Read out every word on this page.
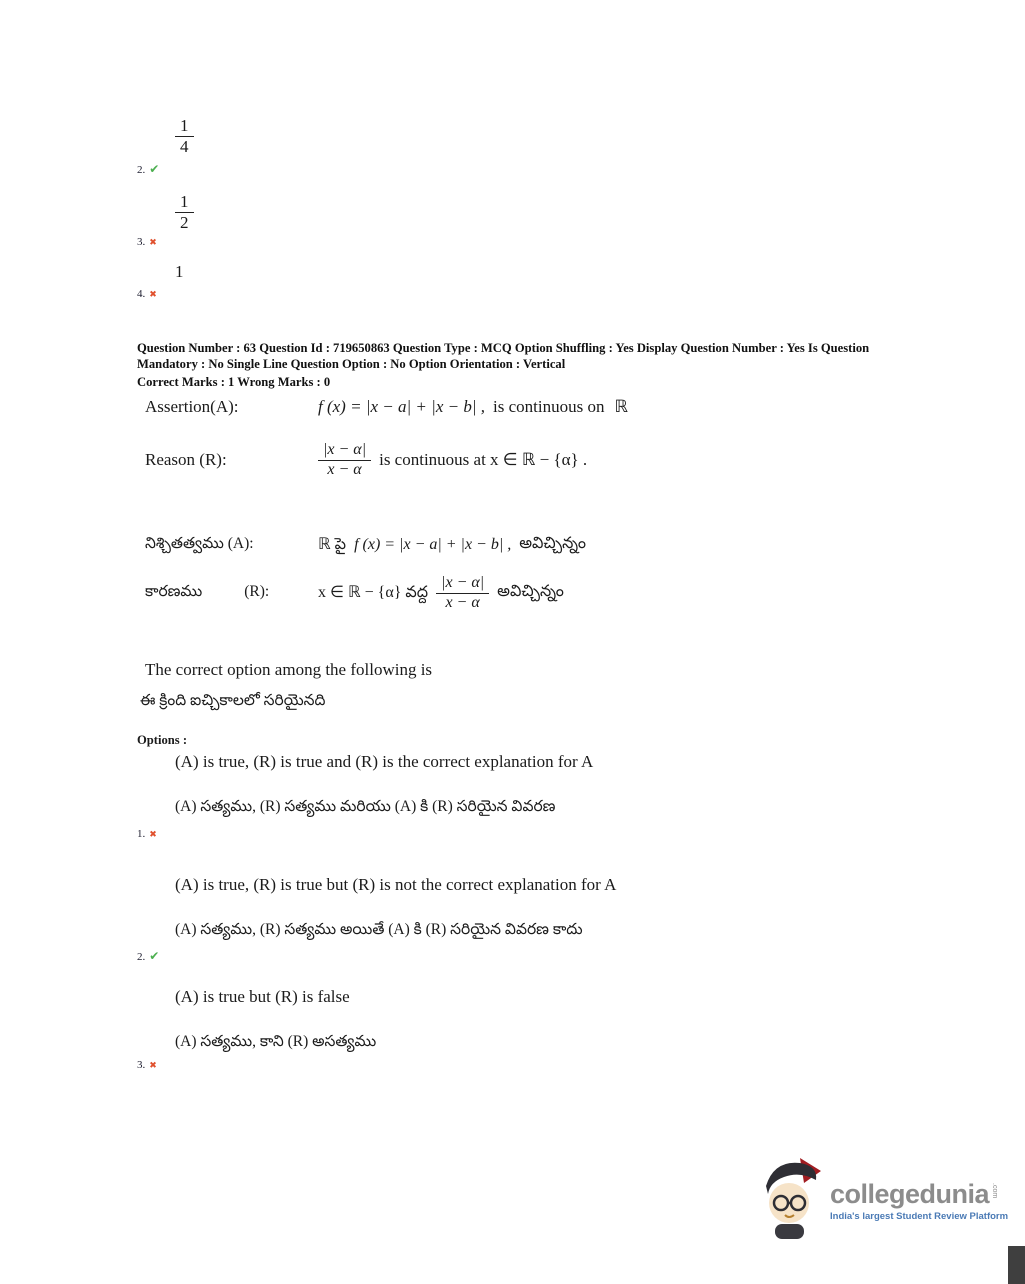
$\frac{1}{4}$
2. ✔
$\frac{1}{2}$
3. ✖
1
4. ✖
Question Number : 63 Question Id : 719650863 Question Type : MCQ Option Shuffling : Yes Display Question Number : Yes Is Question Mandatory : No Single Line Question Option : No Option Orientation : Vertical
Correct Marks : 1 Wrong Marks : 0
Assertion(A):	f (x) = |x − a| + |x − b| , is continuous on ℝ
Reason (R):	$\frac{|x - \alpha|}{x - \alpha}$ is continuous at x ∈ ℝ − {α} .
నిశ్చితత్వము (A):	ℝ పై f (x) = |x − a| + |x − b| , అవిచ్చిన్నం
కారణము	(R):	x ∈ ℝ − {α} వద్ద $\frac{|x - \alpha|}{x - \alpha}$ అవిచ్చిన్నం
The correct option among the following is
ఈ క్రింది ఐచ్చికాలలో సరియైనది
Options :
(A) is true, (R) is true and (R) is the correct explanation for A
(A) సత్యము, (R) సత్యము మరియు (A) కి (R) సరియైన వివరణ
1. ✖
(A) is true, (R) is true but (R) is not the correct explanation for A
(A) సత్యము, (R) సత్యము అయితే (A) కి (R) సరియైన వివరణ కాదు
2. ✔
(A) is true but (R) is false
(A) సత్యము, కాని (R) అసత్యము
3. ✖
collegedunia .com
India's largest Student Review Platform
